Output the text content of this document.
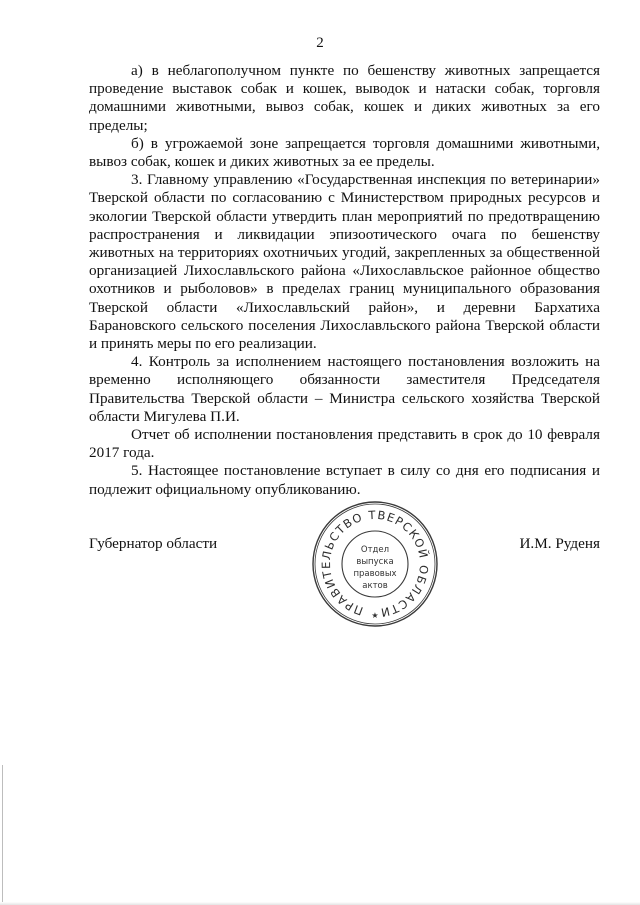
2

а) в неблагополучном пункте по бешенству животных запрещается проведение выставок собак и кошек, выводок и натаски собак, торговля домашними животными, вывоз собак, кошек и диких животных за его пределы;

б) в угрожаемой зоне запрещается торговля домашними животными, вывоз собак, кошек и диких животных за ее пределы.

3. Главному управлению «Государственная инспекция по ветеринарии» Тверской области по согласованию с Министерством природных ресурсов и экологии Тверской области утвердить план мероприятий по предотвращению распространения и ликвидации эпизоотического очага по бешенству животных на территориях охотничьих угодий, закрепленных за общественной организацией Лихославльского района «Лихославльское районное общество охотников и рыболовов» в пределах границ муниципального образования Тверской области «Лихославльский район», и деревни Бархатиха Барановского сельского поселения Лихославльского района Тверской области и принять меры по его реализации.

4. Контроль за исполнением настоящего постановления возложить на временно исполняющего обязанности заместителя Председателя Правительства Тверской области – Министра сельского хозяйства Тверской области Мигулева П.И.

Отчет об исполнении постановления представить в срок до 10 февраля 2017 года.

5. Настоящее постановление вступает в силу со дня его подписания и подлежит официальному опубликованию.

Губернатор области	И.М. Руденя
ПРАВИТЕЛЬСТВО ТВЕРСКОЙ ОБЛАСТИ
Отдел
выпуска
правовых
актов
★
